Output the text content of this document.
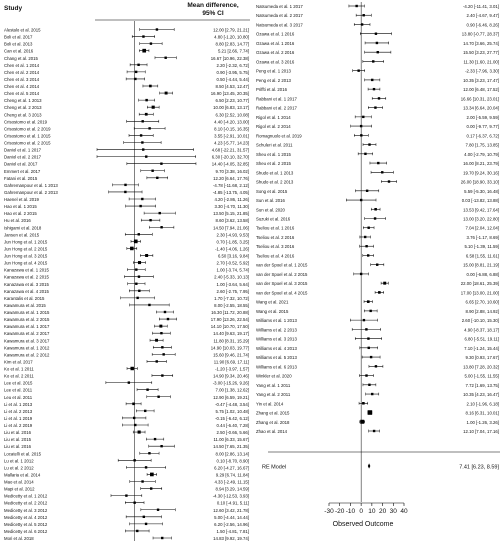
Study	Mean difference,
95% CI
Alestalo et al. 2015	12.00 [2.79, 21.21]
Boli et al. 2017	4.80 [-1.20, 10.80]
Boli et al. 2013	8.80 [2.83, 14.77]
Can et al. 2016	5.21 [2.66, 7.74]
Chang et al. 2015	16.67 [10.96, 22.38]
Chen et al. 1 2014	2.20 [-2.32, 6.72]
Chen et al. 2 2014	0.90 [-3.95, 5.75]
Chen et al. 3 2014	0.50 [-4.44, 5.44]
Chen et al. 4 2014	8.50 [4.53, 12.47]
Chen et al. 5 2014	16.90 [13.45, 20.35]
Cheng et al. 1 2013	6.50 [2.23, 10.77]
Cheng et al. 2 2013	10.00 [6.83, 13.17]
Cheng et al. 3 2013	6.30 [2.52, 10.08]
Crisostomo et al. 2019	4.40 [-4.20, 13.00]
Crisostomo et al. 2 2019	8.10 [-0.15, 16.35]
Crisostomo et al. 1 2015	3.55 [-2.91, 10.01]
Crisostomo et al. 2 2015	4.23 [-5.77, 14.23]
Daniol et al. 1 2017	4.68 [-22.21, 31.57]
Daniol et al. 2 2017	6.30 [-20.10, 32.70]
Daniol et al. 2017	14.40 [-4.05, 32.85]
Emmert et al. 2017	9.70 [3.38, 16.02]
Fatani et al. 2015	12.20 [6.64, 17.76]
Gahremanpour et al. 1 2013	-4.78 [-11.68, 2.12]
Gahremanpour et al. 2 2013	-4.85 [-13.75, 4.05]
Haenel et al. 2019	4.20 [-2.86, 11.26]
Hao et al. 1 2015	3.30 [-4.70, 11.30]
Hao et al. 2 2015	13.50 [5.15, 21.85]
Hu et al. 2016	8.60 [3.62, 13.58]
Ishigami et al. 2018	14.50 [7.94, 21.06]
Jansen et al. 2015	2.30 [-4.93, 9.53]
Jun Hong et al. 1 2015	0.70 [-1.85, 3.25]
Jun Hong et al. 2 2015	-1.40 [-4.06, 1.26]
Jun Hong et al. 3 2015	6.50 [3.16, 9.84]
Jun Hong et al. 4 2015	2.70 [-0.52, 5.92]
Kanazawa et al. 1 2015	1.00 [-3.74, 5.74]
Kanazawa et al. 2 2015	2.40 [-5.33, 10.13]
Kanazawa et al. 3 2015	1.00 [-3.64, 5.64]
Kanazawa et al. 4 2015	2.60 [-2.75, 7.95]
Karantalis et al. 2015	1.70 [-7.32, 10.72]
Kawamura et al. 2015	8.00 [-2.55, 18.55]
Kawamura et al. 1 2015	16.30 [11.72, 20.88]
Kawamura et al. 2 2015	17.90 [13.26, 22.54]
Kawamura et al. 1 2017	14.10 [10.70, 17.50]
Kawamura et al. 2 2017	14.40 [9.63, 19.17]
Kawamura et al. 3 2017	11.80 [8.31, 15.29]
Kawamura et al. 1 2012	14.90 [10.03, 19.77]
Kawamura et al. 2 2012	15.60 [9.46, 21.74]
Kim et al. 2017	11.90 [6.69, 17.11]
Ko et al. 1 2011	-1.20 [-3.97, 1.57]
Ko et al. 2 2011	14.90 [9.34, 20.46]
Lee et al. 2015	-3.00 [-15.26, 9.26]
Lee et al. 2011	7.00 [1.38, 12.62]
Leu et al. 2011	12.90 [6.59, 19.21]
Li et al. 1 2013	-0.47 [-4.48, 3.54]
Li et al. 2 2013	5.75 [1.02, 10.48]
Li et al. 1 2019	-0.15 [-6.42, 6.12]
Li et al. 2 2019	0.44 [-6.40, 7.28]
Liu et al. 2016	2.50 [-0.66, 5.66]
Liu et al. 2015	11.00 [6.33, 15.67]
Liu et al. 2016	14.50 [7.65, 21.35]
Locatelli et al. 2015	8.00 [2.86, 13.14]
Lu et al. 1 2012	0.10 [-8.70, 8.90]
Lu et al. 2 2012	6.20 [-4.27, 16.67]
Mallaria et al. 2014	9.29 [6.74, 11.84]
Mao et al. 2014	4.33 [-2.49, 11.15]
Mapi et al. 2012	8.94 [3.29, 14.59]
Medicetty et al. 1 2012	-4.30 [-12.53, 3.93]
Medicetty et al. 2 2012	0.10 [-4.91, 5.11]
Medicetty et al. 3 2012	12.60 [3.42, 21.78]
Medicetty et al. 4 2012	5.00 [-4.44, 14.44]
Medicetty et al. 5 2012	6.20 [-2.56, 14.96]
Medicetty et al. 6 2012	1.50 [-4.81, 7.81]
Mori et al. 2018	14.83 [9.92, 19.74]
Natsumeda et al. 1 2017	-4.20 [-11.41, 3.01]
Natsumeda et al. 2 2017	2.40 [-4.67, 9.47]
Natsumeda et al. 3 2017	0.90 [-6.46, 8.26]
Ozawa et al. 1 2016	13.80 [-0.77, 28.37]
Ozawa et al. 1 2016	14.70 [3.66, 25.74]
Ozawa et al. 2 2016	15.50 [3.23, 27.77]
Ozawa et al. 3 2016	11.30 [1.60, 21.00]
Peng et al. 1 2013	-2.33 [-7.96, 3.30]
Peng et al. 2 2013	10.35 [3.23, 17.47]
Priffti et al. 2016	12.00 [6.48, 17.52]
Rabbani et al. 1 2017	16.66 [10.31, 23.01]
Rabbani et al. 2 2017	13.34 [6.64, 20.04]
Rigol et al. 1 2014	2.00 [-5.59, 9.59]
Rigol et al. 2 2014	0.00 [-9.77, 9.77]
Romagnuolo et al. 2019	0.17 [-6.37, 6.72]
Schuleri et al. 2011	7.80 [1.75, 13.85]
Sheu et al. 1 2015	4.00 [-2.79, 10.79]
Sheu et al. 2 2015	16.00 [8.21, 23.79]
Shudo et al. 1 2013	19.70 [9.24, 30.16]
Shudo et al. 2 2013	26.00 [18.90, 33.10]
Song et al. 2015	5.59 [-5.30, 16.48]
Sun et al. 2016	0.03 [-13.82, 13.88]
Sun et al. 2020	13.53 [9.42, 17.64]
Suzuki et al. 2016	13.00 [3.20, 22.80]
Tseliou et al. 1 2016	7.04 [2.04, 12.04]
Tseliou et al. 2 2016	3.76 [-1.17, 8.69]
Tseliou et al. 3 2016	5.10 [-1.39, 11.59]
Tseliou et al. 4 2016	6.58 [1.55, 11.61]
van der Spoel et al. 1 2015	15.00 [8.81, 21.19]
van der Spoel et al. 2 2015	0.00 [-6.88, 6.88]
van der Spoel et al. 3 2015	22.00 [18.61, 25.39]
van der Spoel et al. 4 2015	17.00 [13.00, 21.00]
Wang et al. 2021	6.65 [2.70, 10.60]
Wang et al. 2015	8.90 [2.88, 14.92]
Williams et al. 1 2013	2.60 [-10.10, 15.30]
Williams et al. 2 2013	4.90 [-8.37, 18.17]
Williams et al. 3 2013	6.80 [-5.51, 19.11]
Williams et al. 4 2013	7.10 [-1.24, 15.44]
Williams et al. 5 2013	9.30 [0.93, 17.67]
Williams et al. 6 2013	13.80 [7.28, 20.32]
Winkler et al. 2020	5.00 [-1.55, 11.55]
Yang et al. 1 2011	7.72 [1.69, 13.75]
Yang et al. 2 2011	10.35 [4.23, 16.47]
Yin et al. 2014	2.10 [-1.96, 6.18]
Zhang et al. 2015	8.16 [6.31, 10.01]
Zhang et al. 2018	1.00 [-1.26, 3.26]
Zhao et al. 2014	12.10 [7.04, 17.16]
RE Model	7.41 [6.23, 8.59]
-30 -20 -10 0 10 20 30 40
Observed Outcome
